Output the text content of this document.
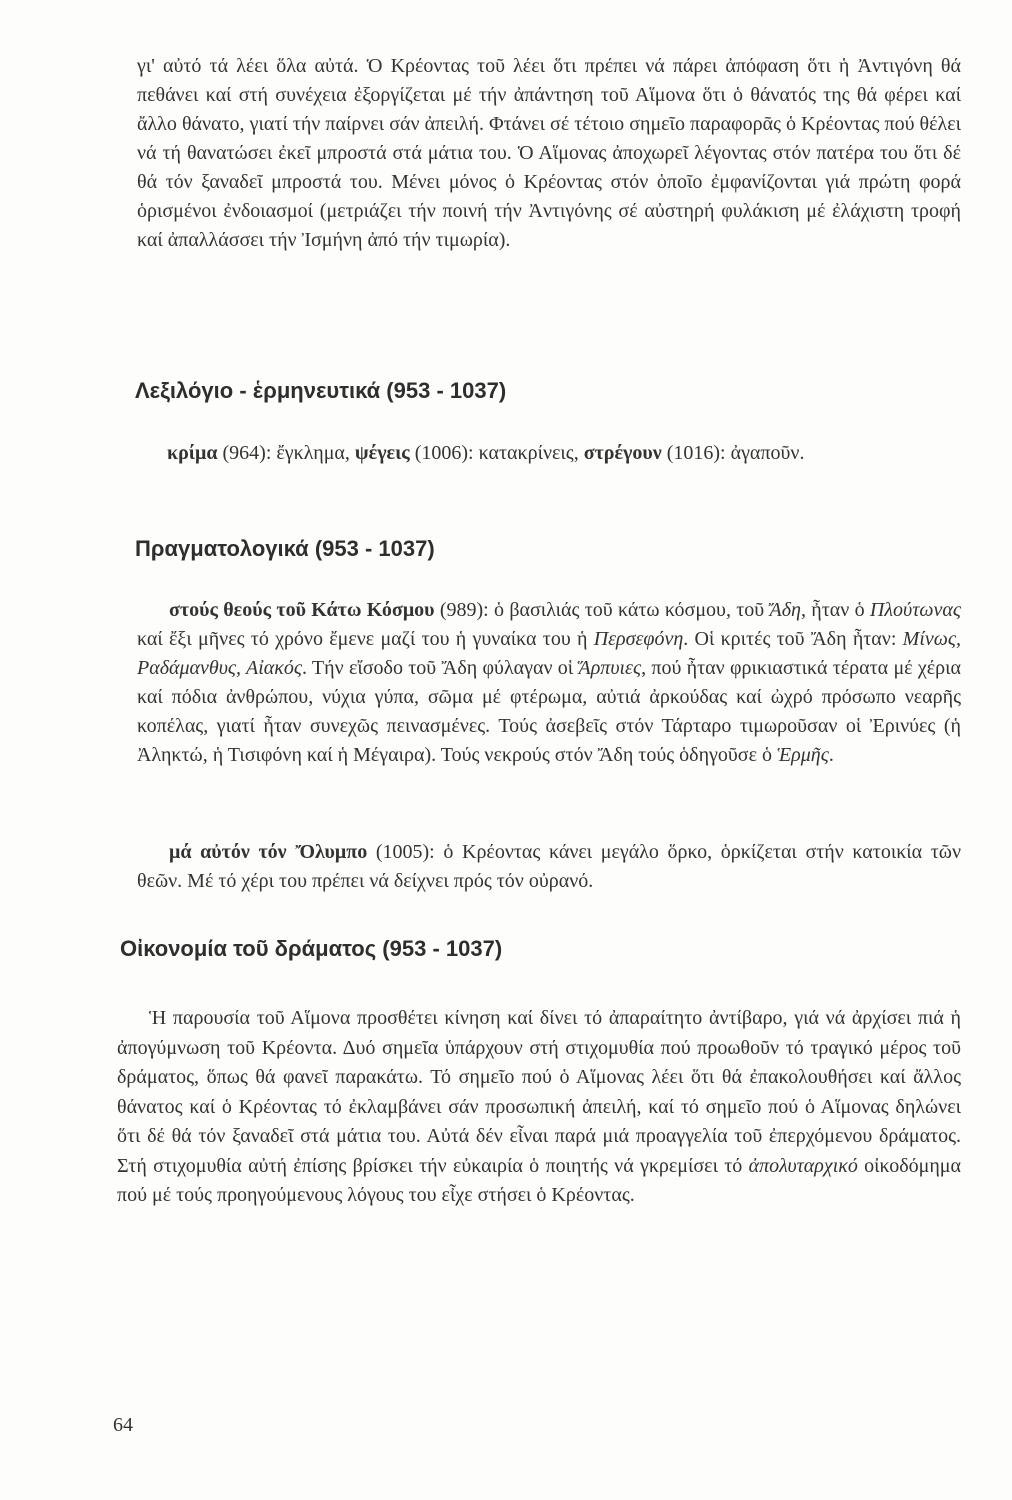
γι' αὐτό τά λέει ὅλα αὐτά. Ὁ Κρέοντας τοῦ λέει ὅτι πρέπει νά πάρει ἀπόφαση ὅτι ἡ Ἀντιγόνη θά πεθάνει καί στή συνέχεια ἐξοργίζεται μέ τήν ἀπάντηση τοῦ Αἵμονα ὅτι ὁ θάνατός της θά φέρει καί ἄλλο θάνατο, γιατί τήν παίρνει σάν ἀπειλή. Φτάνει σέ τέτοιο σημεῖο παραφορᾶς ὁ Κρέοντας πού θέλει νά τή θανατώσει ἐκεῖ μπροστά στά μάτια του. Ὁ Αἵμονας ἀποχωρεῖ λέγοντας στόν πατέρα του ὅτι δέ θά τόν ξαναδεῖ μπροστά του. Μένει μόνος ὁ Κρέοντας στόν ὁποῖο ἐμφανίζονται γιά πρώτη φορά ὁρισμένοι ἐνδοιασμοί (μετριάζει τήν ποινή τήν Ἀντιγόνης σέ αὐστηρή φυλάκιση μέ ἐλάχιστη τροφή καί ἀπαλλάσσει τήν Ἰσμήνη ἀπό τήν τιμωρία).

Λεξιλόγιο - ἑρμηνευτικά (953 - 1037)

κρίμα (964): ἔγκλημα, ψέγεις (1006): κατακρίνεις, στρέγουν (1016): ἀγαποῦν.

Πραγματολογικά (953 - 1037)

στούς θεούς τοῦ Κάτω Κόσμου (989): ὁ βασιλιάς τοῦ κάτω κόσμου, τοῦ Ἄδη, ἦταν ὁ Πλούτωνας καί ἔξι μῆνες τό χρόνο ἔμενε μαζί του ἡ γυναίκα του ἡ Περσεφόνη. Οἱ κριτές τοῦ Ἄδη ἦταν: Μίνως, Ραδάμανθυς, Αἰακός. Τήν εἴσοδο τοῦ Ἄδη φύλαγαν οἱ Ἅρπυιες, πού ἦταν φρικιαστικά τέρατα μέ χέρια καί πόδια ἀνθρώπου, νύχια γύπα, σῶμα μέ φτέρωμα, αὐτιά ἀρκούδας καί ὠχρό πρόσωπο νεαρῆς κοπέλας, γιατί ἦταν συνεχῶς πεινασμένες. Τούς ἀσεβεῖς στόν Τάρταρο τιμωροῦσαν οἱ Ἐρινύες (ἡ Ἀληκτώ, ἡ Τισιφόνη καί ἡ Μέγαιρα). Τούς νεκρούς στόν Ἄδη τούς ὁδηγοῦσε ὁ Ἑρμῆς.

μά αὐτόν τόν Ὄλυμπο (1005): ὁ Κρέοντας κάνει μεγάλο ὅρκο, ὁρκίζεται στήν κατοικία τῶν θεῶν. Μέ τό χέρι του πρέπει νά δείχνει πρός τόν οὐρανό.

Οἰκονομία τοῦ δράματος (953 - 1037)

Ἡ παρουσία τοῦ Αἵμονα προσθέτει κίνηση καί δίνει τό ἀπαραίτητο ἀντίβαρο, γιά νά ἀρχίσει πιά ἡ ἀπογύμνωση τοῦ Κρέοντα. Δυό σημεῖα ὑπάρχουν στή στιχομυθία πού προωθοῦν τό τραγικό μέρος τοῦ δράματος, ὅπως θά φανεῖ παρακάτω. Τό σημεῖο πού ὁ Αἵμονας λέει ὅτι θά ἐπακολουθήσει καί ἄλλος θάνατος καί ὁ Κρέοντας τό ἐκλαμβάνει σάν προσωπική ἀπειλή, καί τό σημεῖο πού ὁ Αἵμονας δηλώνει ὅτι δέ θά τόν ξαναδεῖ στά μάτια του. Αὐτά δέν εἶναι παρά μιά προαγγελία τοῦ ἐπερχόμενου δράματος. Στή στιχομυθία αὐτή ἐπίσης βρίσκει τήν εὐκαιρία ὁ ποιητής νά γκρεμίσει τό ἀπολυταρχικό οἰκοδόμημα πού μέ τούς προηγούμενους λόγους του εἶχε στήσει ὁ Κρέοντας.

64
